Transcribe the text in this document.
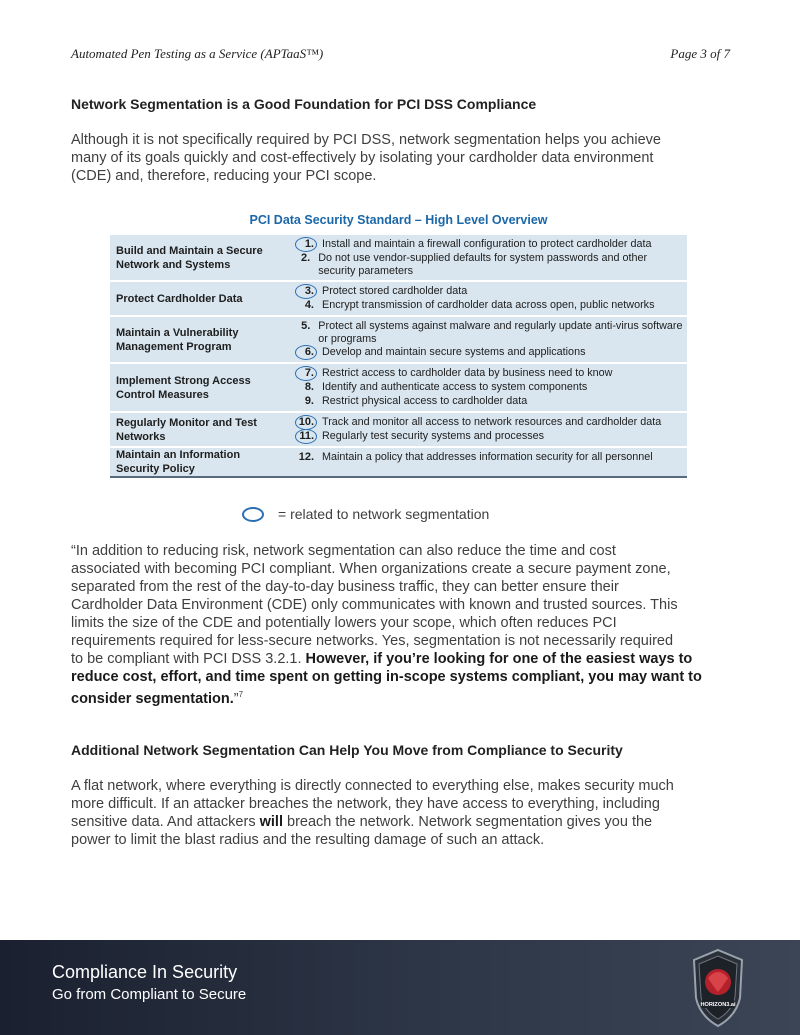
Automated Pen Testing as a Service (APTaaS™)	Page 3 of 7
Network Segmentation is a Good Foundation for PCI DSS Compliance
Although it is not specifically required by PCI DSS, network segmentation helps you achieve
many of its goals quickly and cost-effectively by isolating your cardholder data environment
(CDE) and, therefore, reducing your PCI scope.
PCI Data Security Standard – High Level Overview
Build and Maintain a Secure Network and Systems
1. Install and maintain a firewall configuration to protect cardholder data
2. Do not use vendor-supplied defaults for system passwords and other security parameters
Protect Cardholder Data
3. Protect stored cardholder data
4. Encrypt transmission of cardholder data across open, public networks
Maintain a Vulnerability Management Program
5. Protect all systems against malware and regularly update anti-virus software or programs
6. Develop and maintain secure systems and applications
Implement Strong Access Control Measures
7. Restrict access to cardholder data by business need to know
8. Identify and authenticate access to system components
9. Restrict physical access to cardholder data
Regularly Monitor and Test Networks
10. Track and monitor all access to network resources and cardholder data
11. Regularly test security systems and processes
Maintain an Information Security Policy
12. Maintain a policy that addresses information security for all personnel
= related to network segmentation
“In addition to reducing risk, network segmentation can also reduce the time and cost
associated with becoming PCI compliant. When organizations create a secure payment zone,
separated from the rest of the day-to-day business traffic, they can better ensure their
Cardholder Data Environment (CDE) only communicates with known and trusted sources. This
limits the size of the CDE and potentially lowers your scope, which often reduces PCI
requirements required for less-secure networks. Yes, segmentation is not necessarily required
to be compliant with PCI DSS 3.2.1. However, if you’re looking for one of the easiest ways to
reduce cost, effort, and time spent on getting in-scope systems compliant, you may want to
consider segmentation.”$^7$
Additional Network Segmentation Can Help You Move from Compliance to Security
A flat network, where everything is directly connected to everything else, makes security much
more difficult. If an attacker breaches the network, they have access to everything, including
sensitive data. And attackers will breach the network. Network segmentation gives you the
power to limit the blast radius and the resulting damage of such an attack.
Compliance In Security
Go from Compliant to Secure
HORIZON3.ai
